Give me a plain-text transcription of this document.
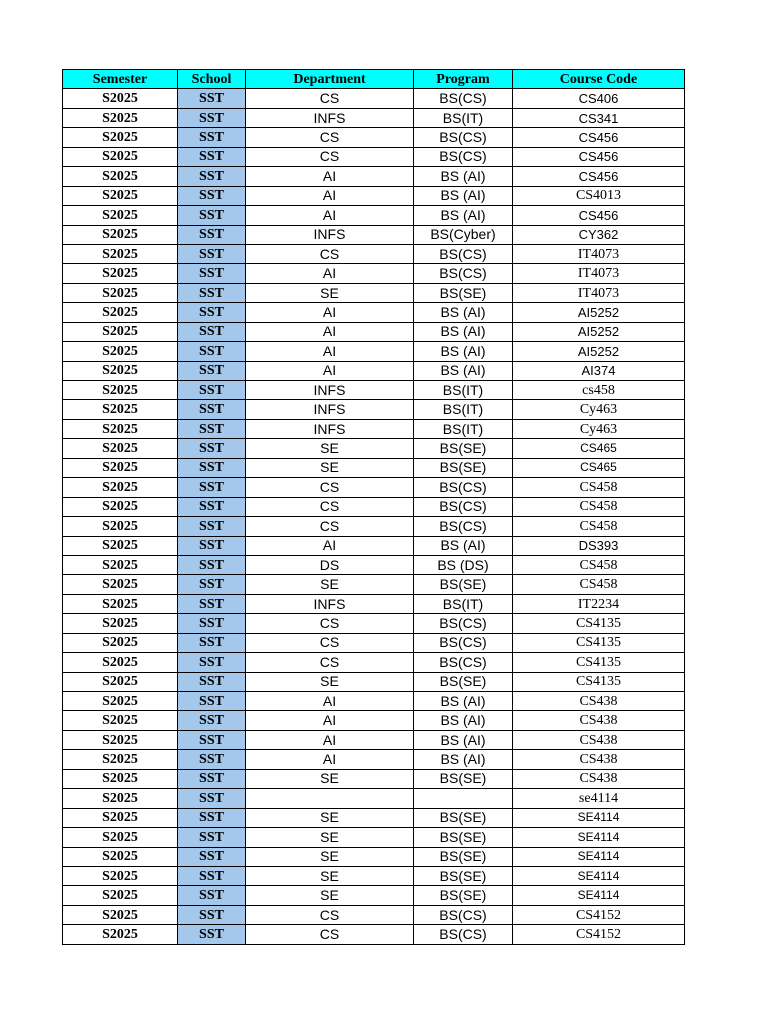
Semester	School	Department	Program	Course Code
S2025	SST	CS	BS(CS)	CS406
S2025	SST	INFS	BS(IT)	CS341
S2025	SST	CS	BS(CS)	CS456
S2025	SST	CS	BS(CS)	CS456
S2025	SST	AI	BS (AI)	CS456
S2025	SST	AI	BS (AI)	CS4013
S2025	SST	AI	BS (AI)	CS456
S2025	SST	INFS	BS(Cyber)	CY362
S2025	SST	CS	BS(CS)	IT4073
S2025	SST	AI	BS(CS)	IT4073
S2025	SST	SE	BS(SE)	IT4073
S2025	SST	AI	BS (AI)	AI5252
S2025	SST	AI	BS (AI)	AI5252
S2025	SST	AI	BS (AI)	AI5252
S2025	SST	AI	BS (AI)	AI374
S2025	SST	INFS	BS(IT)	cs458
S2025	SST	INFS	BS(IT)	Cy463
S2025	SST	INFS	BS(IT)	Cy463
S2025	SST	SE	BS(SE)	CS465
S2025	SST	SE	BS(SE)	CS465
S2025	SST	CS	BS(CS)	CS458
S2025	SST	CS	BS(CS)	CS458
S2025	SST	CS	BS(CS)	CS458
S2025	SST	AI	BS (AI)	DS393
S2025	SST	DS	BS (DS)	CS458
S2025	SST	SE	BS(SE)	CS458
S2025	SST	INFS	BS(IT)	IT2234
S2025	SST	CS	BS(CS)	CS4135
S2025	SST	CS	BS(CS)	CS4135
S2025	SST	CS	BS(CS)	CS4135
S2025	SST	SE	BS(SE)	CS4135
S2025	SST	AI	BS (AI)	CS438
S2025	SST	AI	BS (AI)	CS438
S2025	SST	AI	BS (AI)	CS438
S2025	SST	AI	BS (AI)	CS438
S2025	SST	SE	BS(SE)	CS438
S2025	SST			se4114
S2025	SST	SE	BS(SE)	SE4114
S2025	SST	SE	BS(SE)	SE4114
S2025	SST	SE	BS(SE)	SE4114
S2025	SST	SE	BS(SE)	SE4114
S2025	SST	SE	BS(SE)	SE4114
S2025	SST	CS	BS(CS)	CS4152
S2025	SST	CS	BS(CS)	CS4152
